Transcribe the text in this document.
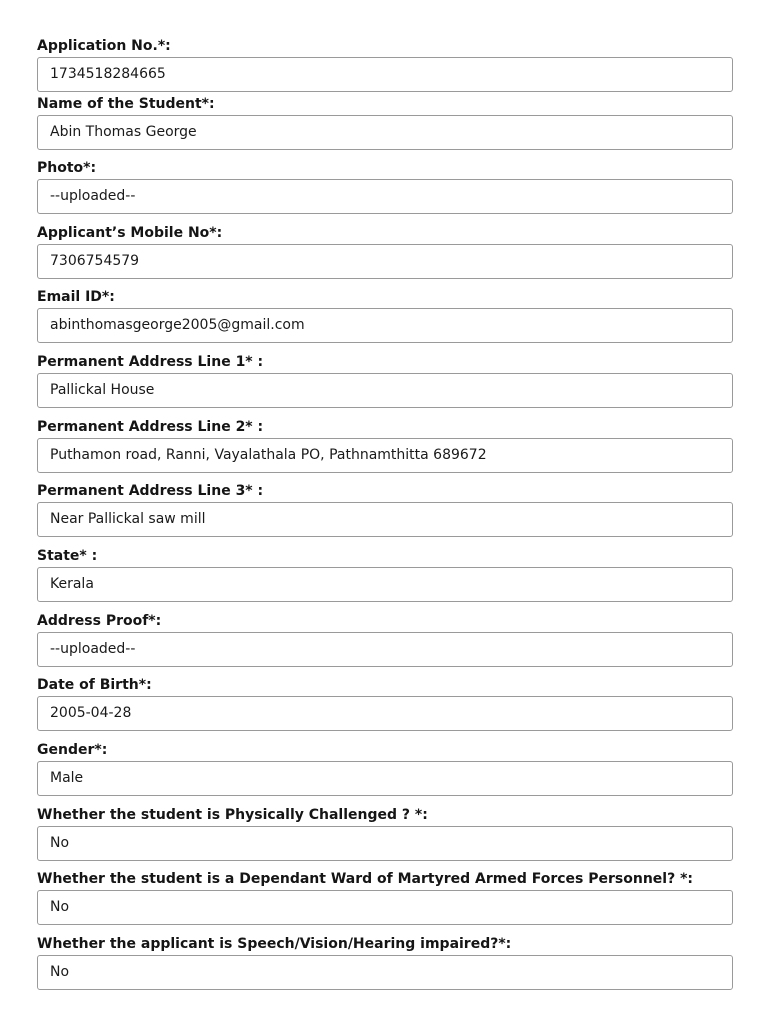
Application No.*:
1734518284665
Name of the Student*:
Abin Thomas George
Photo*:
--uploaded--
Applicant’s Mobile No*:
7306754579
Email ID*:
abinthomasgeorge2005@gmail.com
Permanent Address Line 1* :
Pallickal House
Permanent Address Line 2* :
Puthamon road, Ranni, Vayalathala PO, Pathnamthitta 689672
Permanent Address Line 3* :
Near Pallickal saw mill
State* :
Kerala
Address Proof*:
--uploaded--
Date of Birth*:
2005-04-28
Gender*:
Male
Whether the student is Physically Challenged ? *:
No
Whether the student is a Dependant Ward of Martyred Armed Forces Personnel? *:
No
Whether the applicant is Speech/Vision/Hearing impaired?*:
No
